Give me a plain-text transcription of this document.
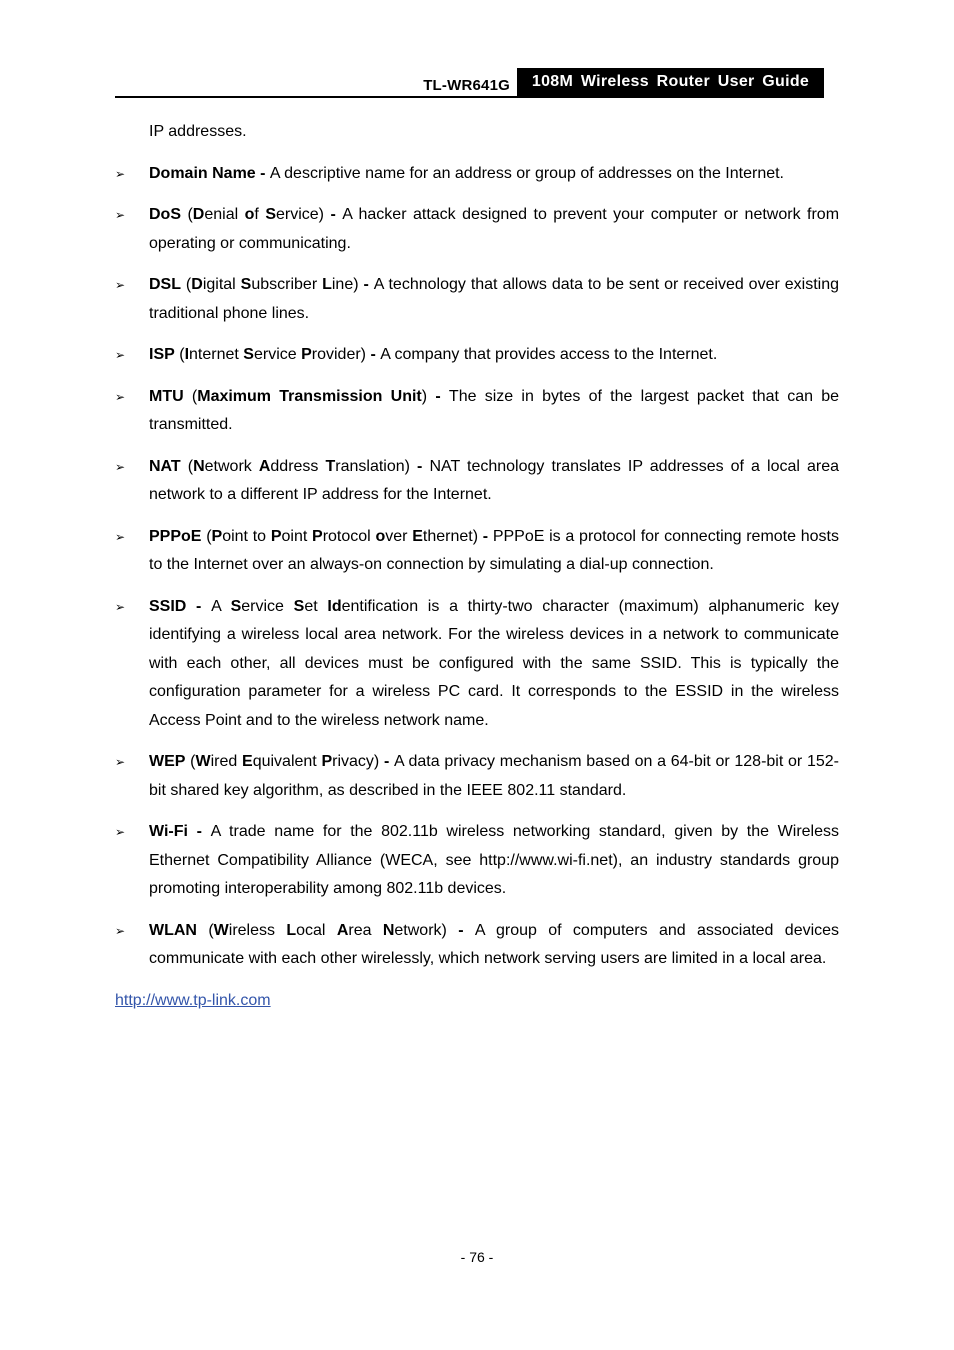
TL-WR641G	108M Wireless Router User Guide

IP addresses.

➢ Domain Name - A descriptive name for an address or group of addresses on the Internet.

➢ DoS (Denial of Service) - A hacker attack designed to prevent your computer or network from operating or communicating.

➢ DSL (Digital Subscriber Line) - A technology that allows data to be sent or received over existing traditional phone lines.

➢ ISP (Internet Service Provider) - A company that provides access to the Internet.

➢ MTU (Maximum Transmission Unit) - The size in bytes of the largest packet that can be transmitted.

➢ NAT (Network Address Translation) - NAT technology translates IP addresses of a local area network to a different IP address for the Internet.

➢ PPPoE (Point to Point Protocol over Ethernet) - PPPoE is a protocol for connecting remote hosts to the Internet over an always-on connection by simulating a dial-up connection.

➢ SSID - A Service Set Identification is a thirty-two character (maximum) alphanumeric key identifying a wireless local area network. For the wireless devices in a network to communicate with each other, all devices must be configured with the same SSID. This is typically the configuration parameter for a wireless PC card. It corresponds to the ESSID in the wireless Access Point and to the wireless network name.

➢ WEP (Wired Equivalent Privacy) - A data privacy mechanism based on a 64-bit or 128-bit or 152-bit shared key algorithm, as described in the IEEE 802.11 standard.

➢ Wi-Fi - A trade name for the 802.11b wireless networking standard, given by the Wireless Ethernet Compatibility Alliance (WECA, see http://www.wi-fi.net), an industry standards group promoting interoperability among 802.11b devices.

➢ WLAN (Wireless Local Area Network) - A group of computers and associated devices communicate with each other wirelessly, which network serving users are limited in a local area.

http://www.tp-link.com
- 76 -
